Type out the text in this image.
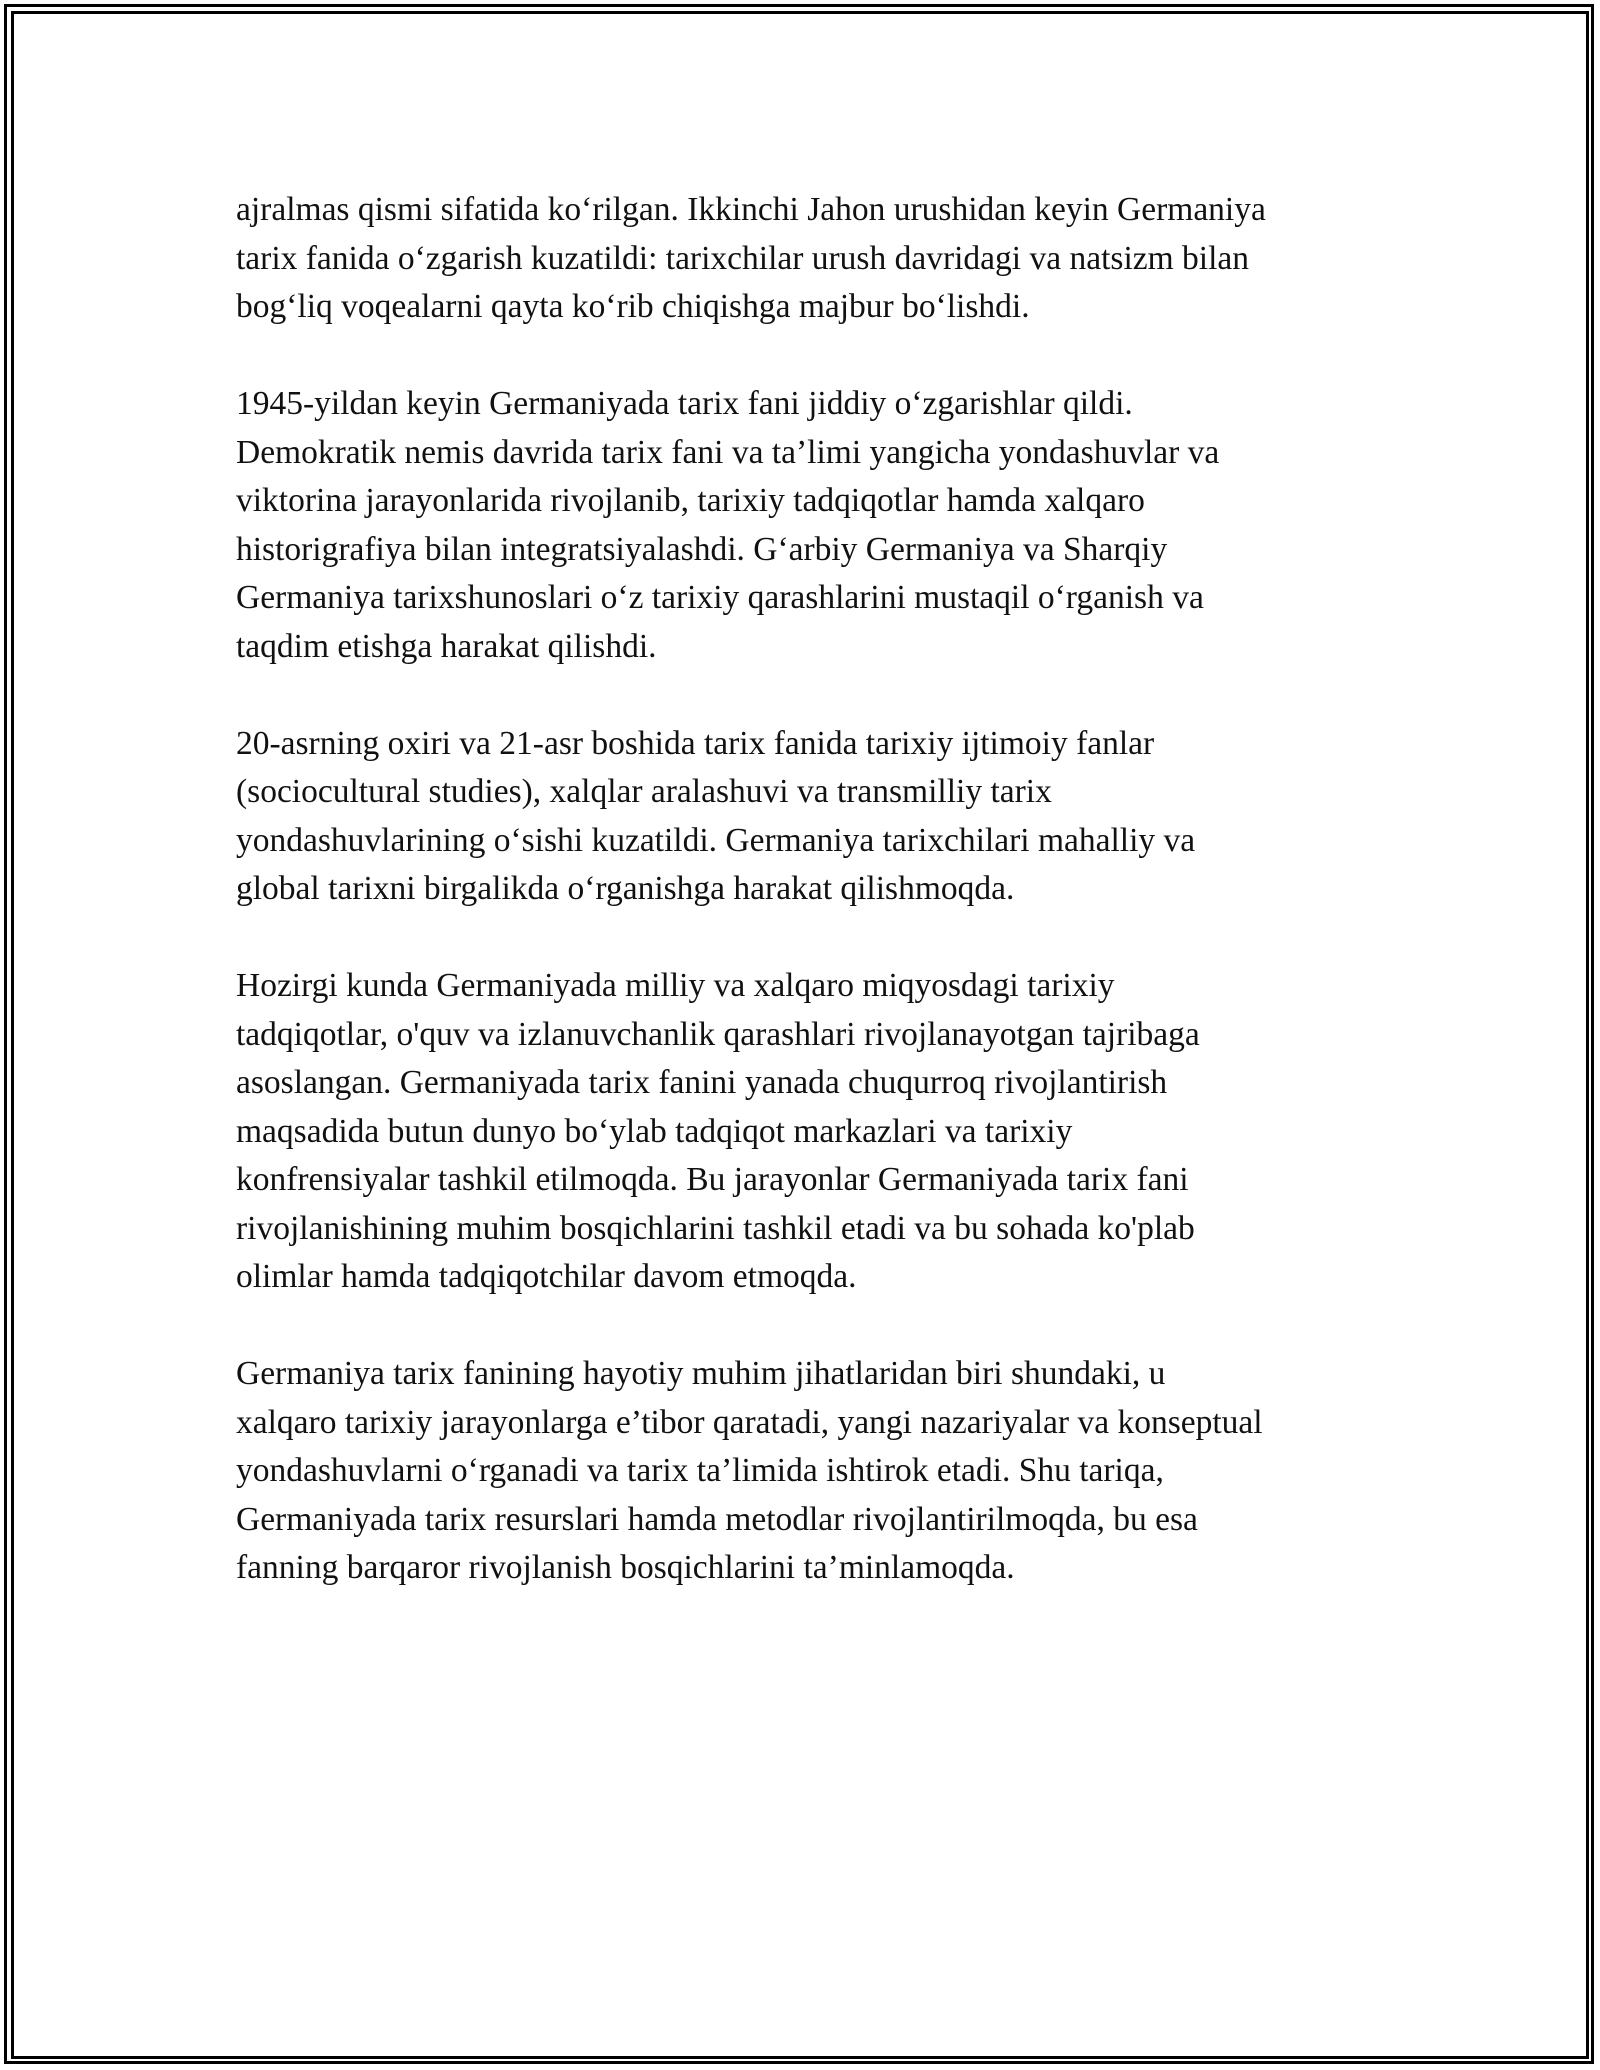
ajralmas qismi sifatida ko‘rilgan. Ikkinchi Jahon urushidan keyin Germaniya
tarix fanida o‘zgarish kuzatildi: tarixchilar urush davridagi va natsizm bilan
bog‘liq voqealarni qayta ko‘rib chiqishga majbur bo‘lishdi.

1945-yildan keyin Germaniyada tarix fani jiddiy o‘zgarishlar qildi.
Demokratik nemis davrida tarix fani va ta’limi yangicha yondashuvlar va
viktorina jarayonlarida rivojlanib, tarixiy tadqiqotlar hamda xalqaro
historigrafiya bilan integratsiyalashdi. G‘arbiy Germaniya va Sharqiy
Germaniya tarixshunoslari o‘z tarixiy qarashlarini mustaqil o‘rganish va
taqdim etishga harakat qilishdi.

20-asrning oxiri va 21-asr boshida tarix fanida tarixiy ijtimoiy fanlar
(sociocultural studies), xalqlar aralashuvi va transmilliy tarix
yondashuvlarining o‘sishi kuzatildi. Germaniya tarixchilari mahalliy va
global tarixni birgalikda o‘rganishga harakat qilishmoqda.

Hozirgi kunda Germaniyada milliy va xalqaro miqyosdagi tarixiy
tadqiqotlar, o'quv va izlanuvchanlik qarashlari rivojlanayotgan tajribaga
asoslangan. Germaniyada tarix fanini yanada chuqurroq rivojlantirish
maqsadida butun dunyo bo‘ylab tadqiqot markazlari va tarixiy
konfrensiyalar tashkil etilmoqda. Bu jarayonlar Germaniyada tarix fani
rivojlanishining muhim bosqichlarini tashkil etadi va bu sohada ko'plab
olimlar hamda tadqiqotchilar davom etmoqda.

Germaniya tarix fanining hayotiy muhim jihatlaridan biri shundaki, u
xalqaro tarixiy jarayonlarga e’tibor qaratadi, yangi nazariyalar va konseptual
yondashuvlarni o‘rganadi va tarix ta’limida ishtirok etadi. Shu tariqa,
Germaniyada tarix resurslari hamda metodlar rivojlantirilmoqda, bu esa
fanning barqaror rivojlanish bosqichlarini ta’minlamoqda.
